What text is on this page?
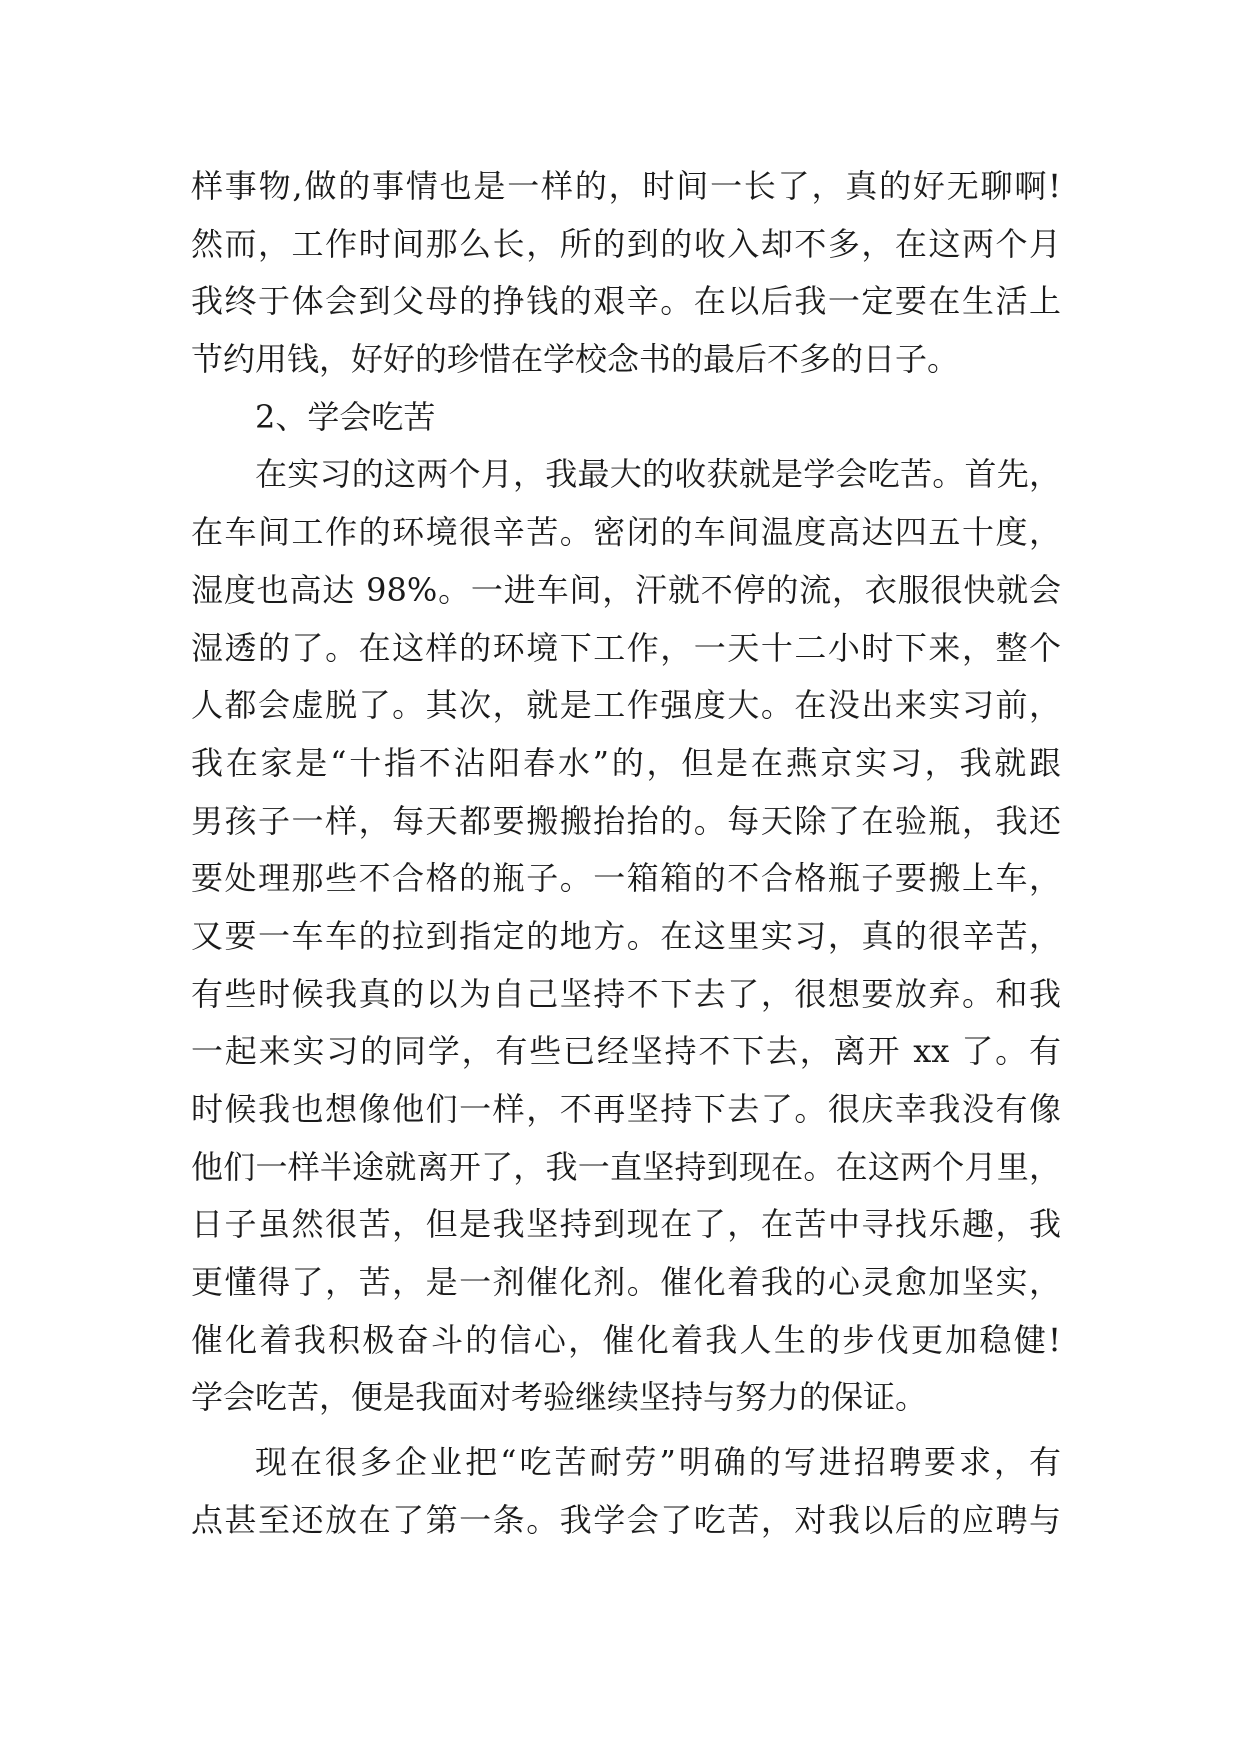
样事物,做的事情也是一样的，时间一长了，真的好无聊啊!
然而，工作时间那么长，所的到的收入却不多，在这两个月
我终于体会到父母的挣钱的艰辛。在以后我一定要在生活上
节约用钱，好好的珍惜在学校念书的最后不多的日子。
2、学会吃苦
在实习的这两个月，我最大的收获就是学会吃苦。首先，
在车间工作的环境很辛苦。密闭的车间温度高达四五十度，
湿度也高达 98%。一进车间，汗就不停的流，衣服很快就会
湿透的了。在这样的环境下工作，一天十二小时下来，整个
人都会虚脱了。其次，就是工作强度大。在没出来实习前，
我在家是“十指不沾阳春水”的，但是在燕京实习，我就跟
男孩子一样，每天都要搬搬抬抬的。每天除了在验瓶，我还
要处理那些不合格的瓶子。一箱箱的不合格瓶子要搬上车，
又要一车车的拉到指定的地方。在这里实习，真的很辛苦，
有些时候我真的以为自己坚持不下去了，很想要放弃。和我
一起来实习的同学，有些已经坚持不下去，离开 xx 了。有
时候我也想像他们一样，不再坚持下去了。很庆幸我没有像
他们一样半途就离开了，我一直坚持到现在。在这两个月里，
日子虽然很苦，但是我坚持到现在了，在苦中寻找乐趣，我
更懂得了，苦，是一剂催化剂。催化着我的心灵愈加坚实，
催化着我积极奋斗的信心，催化着我人生的步伐更加稳健!
学会吃苦，便是我面对考验继续坚持与努力的保证。
现在很多企业把“吃苦耐劳”明确的写进招聘要求，有
点甚至还放在了第一条。我学会了吃苦，对我以后的应聘与
